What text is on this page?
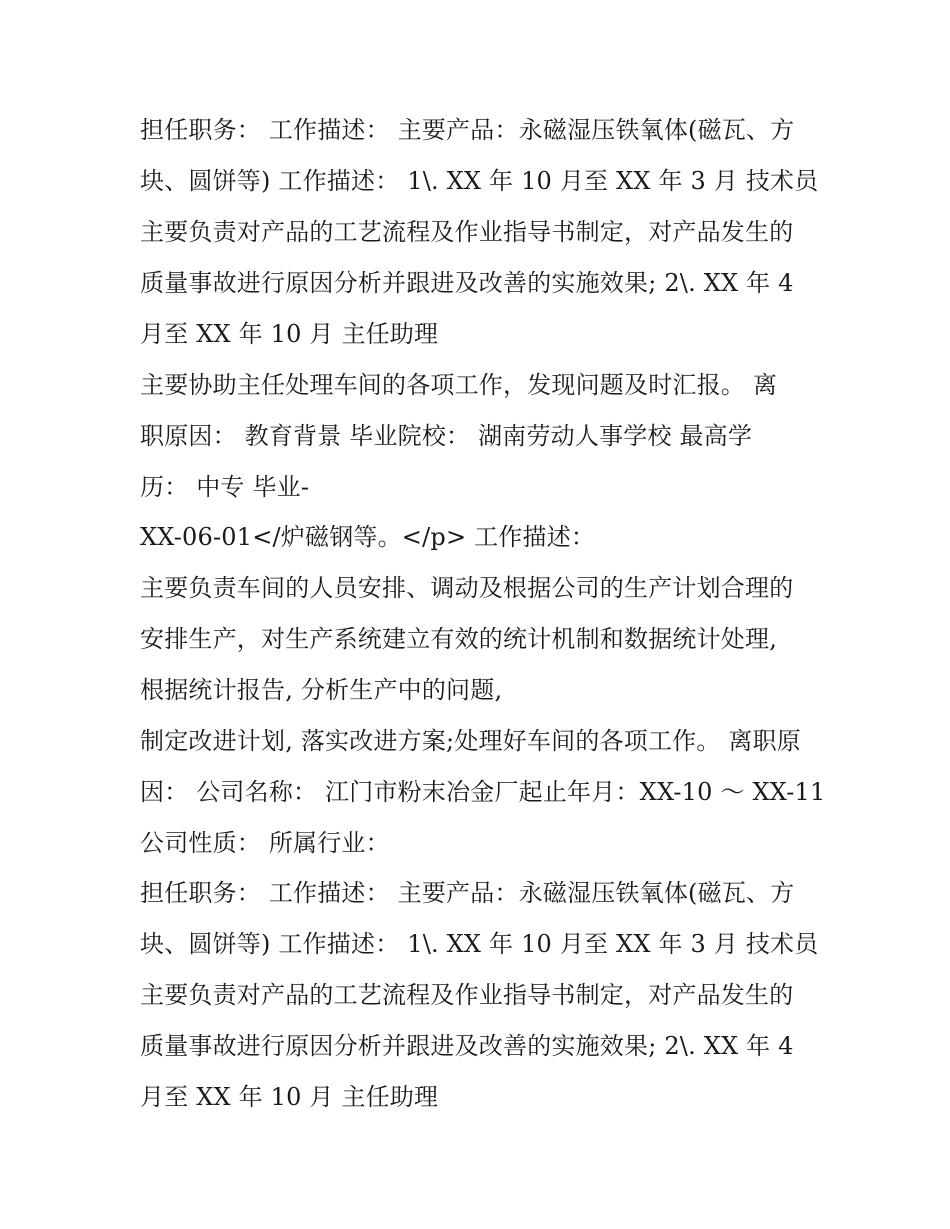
担任职务： 工作描述： 主要产品：永磁湿压铁氧体(磁瓦、方
块、圆饼等) 工作描述： 1\. XX 年 10 月至 XX 年 3 月 技术员
主要负责对产品的工艺流程及作业指导书制定，对产品发生的
质量事故进行原因分析并跟进及改善的实施效果; 2\. XX 年 4
月至 XX 年 10 月 主任助理
主要协助主任处理车间的各项工作，发现问题及时汇报。 离
职原因： 教育背景 毕业院校： 湖南劳动人事学校 最高学
历： 中专 毕业-
XX-06-01</炉磁钢等。</p> 工作描述：
主要负责车间的人员安排、调动及根据公司的生产计划合理的
安排生产，对生产系统建立有效的统计机制和数据统计处理,
根据统计报告, 分析生产中的问题,
制定改进计划, 落实改进方案;处理好车间的各项工作。 离职原
因： 公司名称： 江门市粉末冶金厂起止年月：XX-10 ～ XX-11
公司性质： 所属行业：
担任职务： 工作描述： 主要产品：永磁湿压铁氧体(磁瓦、方
块、圆饼等) 工作描述： 1\. XX 年 10 月至 XX 年 3 月 技术员
主要负责对产品的工艺流程及作业指导书制定，对产品发生的
质量事故进行原因分析并跟进及改善的实施效果; 2\. XX 年 4
月至 XX 年 10 月 主任助理
